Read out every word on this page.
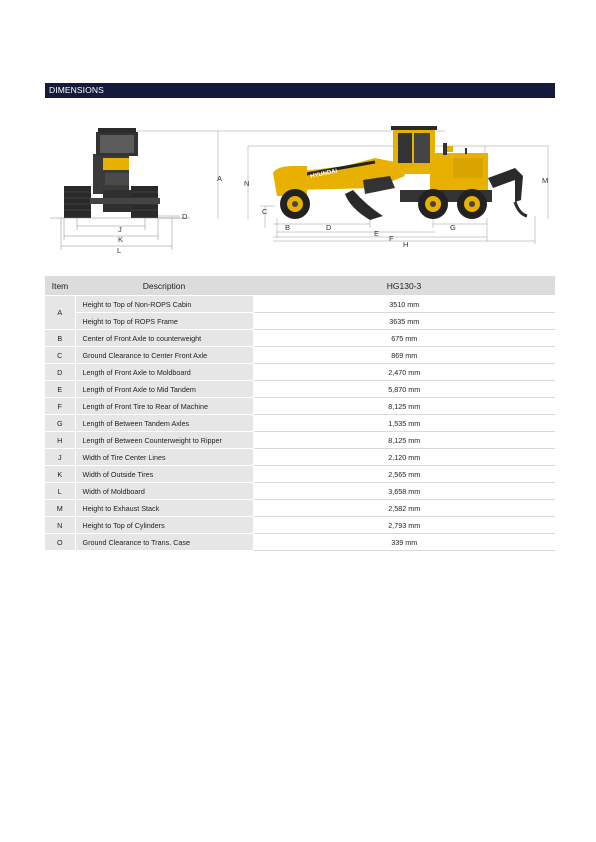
DIMENSIONS
J
K
L
D
HYUNDAI
A
N	M
C
B	D
E
F
H
G
Item	Description	HG130-3
A	Height to Top of Non-ROPS Cabin	3510 mm
	Height to Top of ROPS Frame	3635 mm
B	Center of Front Axle to counterweight	675 mm
C	Ground Clearance to Center Front Axle	869 mm
D	Length of Front Axle to Moldboard	2,470 mm
E	Length of Front Axle to Mid Tandem	5,870 mm
F	Length of Front Tire to Rear of Machine	8,125 mm
G	Length of Between Tandem Axles	1,535 mm
H	Length of Between Counterweight to Ripper	8,125 mm
J	Width of Tire Center Lines	2,120 mm
K	Width of Outside Tires	2,565 mm
L	Width of Moldboard	3,658 mm
M	Height to Exhaust Stack	2,582 mm
N	Height to Top of Cylinders	2,793 mm
O	Ground Clearance to Trans. Case	339 mm
